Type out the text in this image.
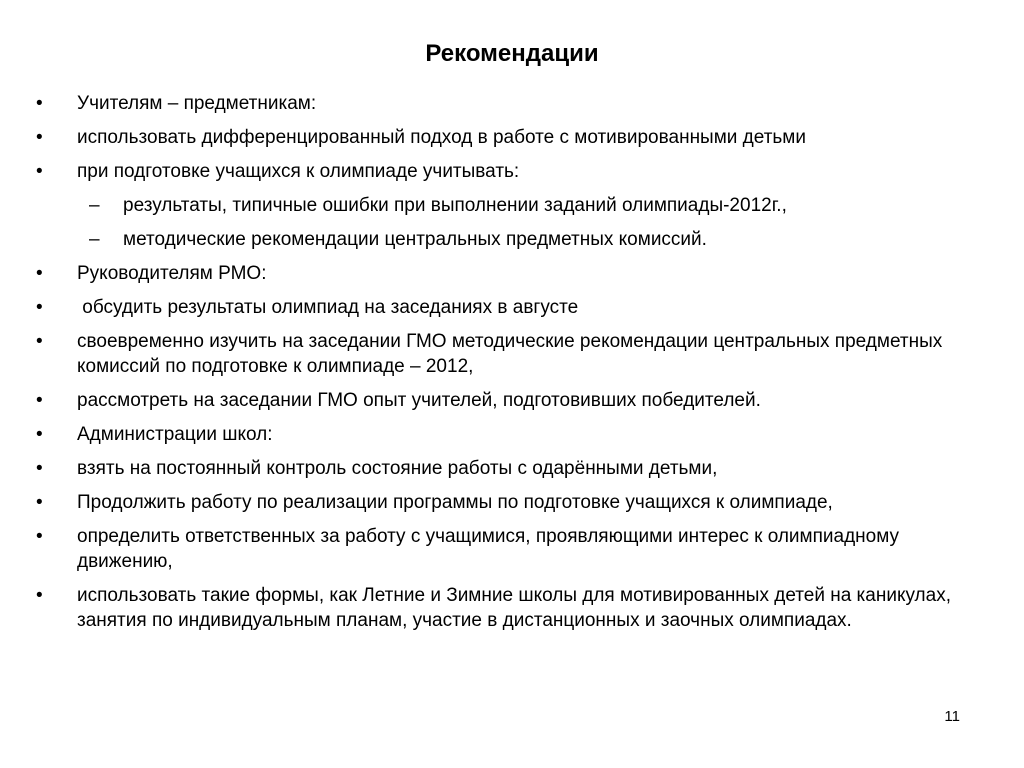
Рекомендации
• Учителям – предметникам:
• использовать дифференцированный подход в работе с мотивированными детьми
• при подготовке учащихся к олимпиаде учитывать:
– результаты, типичные ошибки при выполнении заданий олимпиады-2012г.,
– методические рекомендации центральных предметных комиссий.
• Руководителям РМО:
• обсудить результаты олимпиад на заседаниях в августе
• своевременно изучить на заседании ГМО методические рекомендации центральных предметных комиссий по подготовке к олимпиаде – 2012,
• рассмотреть на заседании ГМО опыт учителей, подготовивших победителей.
• Администрации школ:
• взять на постоянный контроль состояние работы с одарёнными детьми,
• Продолжить работу по реализации программы по подготовке учащихся к олимпиаде,
• определить ответственных за работу с учащимися, проявляющими интерес к олимпиадному движению,
• использовать такие формы, как Летние и Зимние школы для мотивированных детей на каникулах, занятия по индивидуальным планам, участие в дистанционных и заочных олимпиадах.
11
